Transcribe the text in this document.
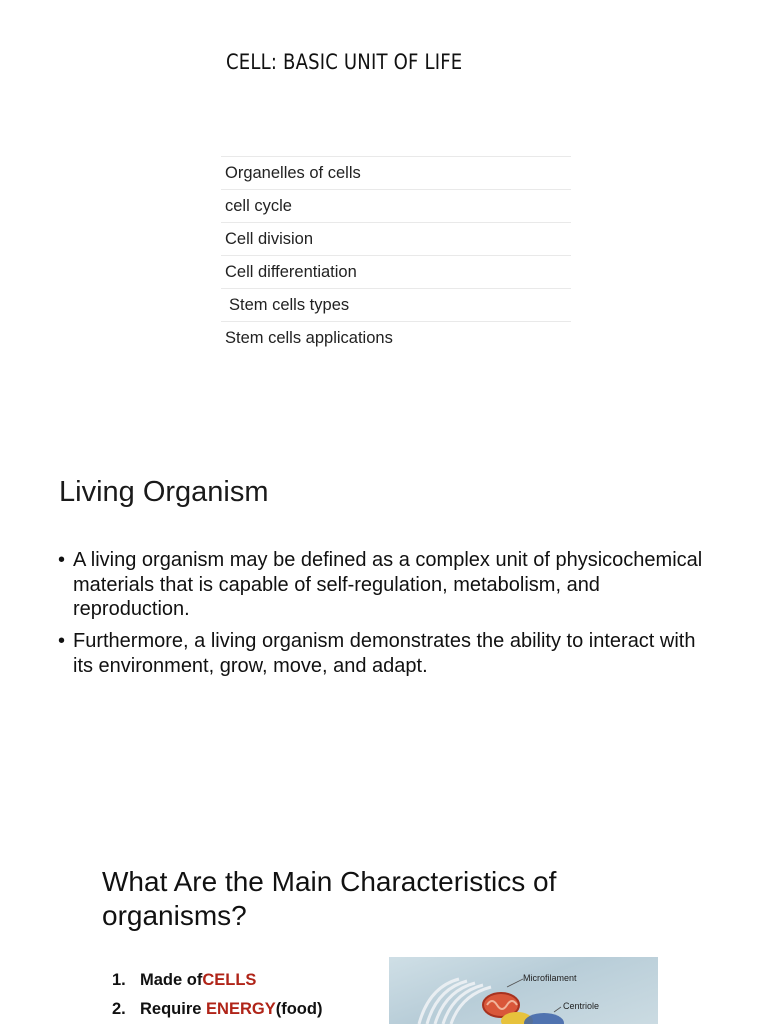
CELL: BASIC UNIT OF LIFE
Organelles of cells
cell cycle
Cell division
Cell differentiation
Stem cells types
Stem cells applications
Living Organism
• A living organism may be defined as a complex unit of physicochemical materials that is capable of self-regulation, metabolism, and reproduction.
• Furthermore, a living organism demonstrates the ability to interact with its environment, grow, move, and adapt.
What Are the Main Characteristics of organisms?
1. Made ofCELLS
2. Require ENERGY(food)
Microfilament
Centriole
